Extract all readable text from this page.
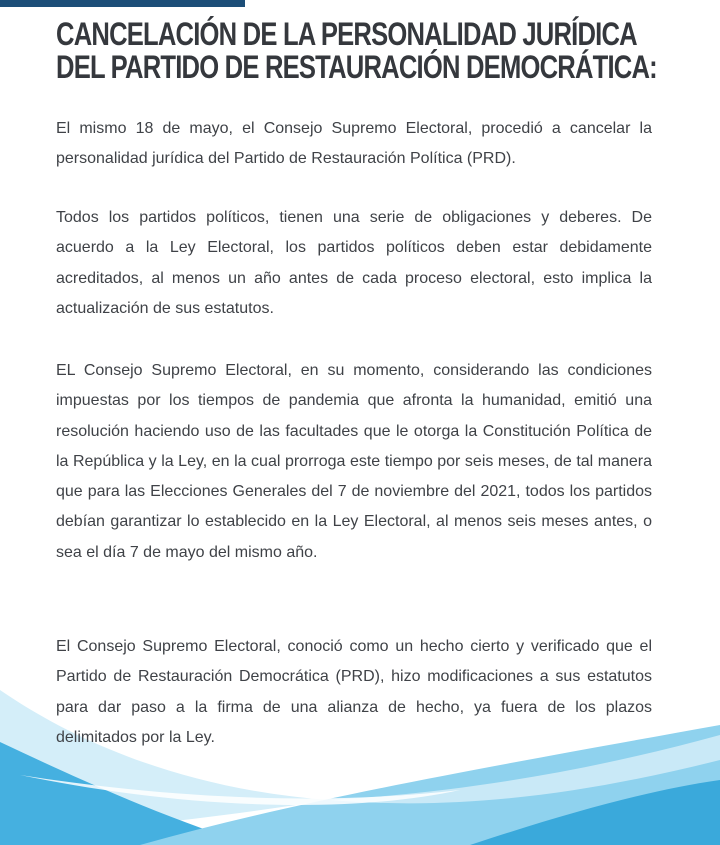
CANCELACIÓN DE LA PERSONALIDAD JURÍDICA
DEL PARTIDO DE RESTAURACIÓN DEMOCRÁTICA:

El mismo 18 de mayo, el Consejo Supremo Electoral, procedió a cancelar la personalidad jurídica del Partido de Restauración Política (PRD).

Todos los partidos políticos, tienen una serie de obligaciones y deberes. De acuerdo a la Ley Electoral, los partidos políticos deben estar debidamente acreditados, al menos un año antes de cada proceso electoral, esto implica la actualización de sus estatutos.

EL Consejo Supremo Electoral, en su momento, considerando las condiciones impuestas por los tiempos de pandemia que afronta la humanidad, emitió una resolución haciendo uso de las facultades que le otorga la Constitución Política de la República y la Ley, en la cual prorroga este tiempo por seis meses, de tal manera que para las Elecciones Generales del 7 de noviembre del 2021, todos los partidos debían garantizar lo establecido en la Ley Electoral, al menos seis meses antes, o sea el día 7 de mayo del mismo año.

El Consejo Supremo Electoral, conoció como un hecho cierto y verificado que el Partido de Restauración Democrática (PRD), hizo modificaciones a sus estatutos para dar paso a la firma de una alianza de hecho, ya fuera de los plazos delimitados por la Ley.
